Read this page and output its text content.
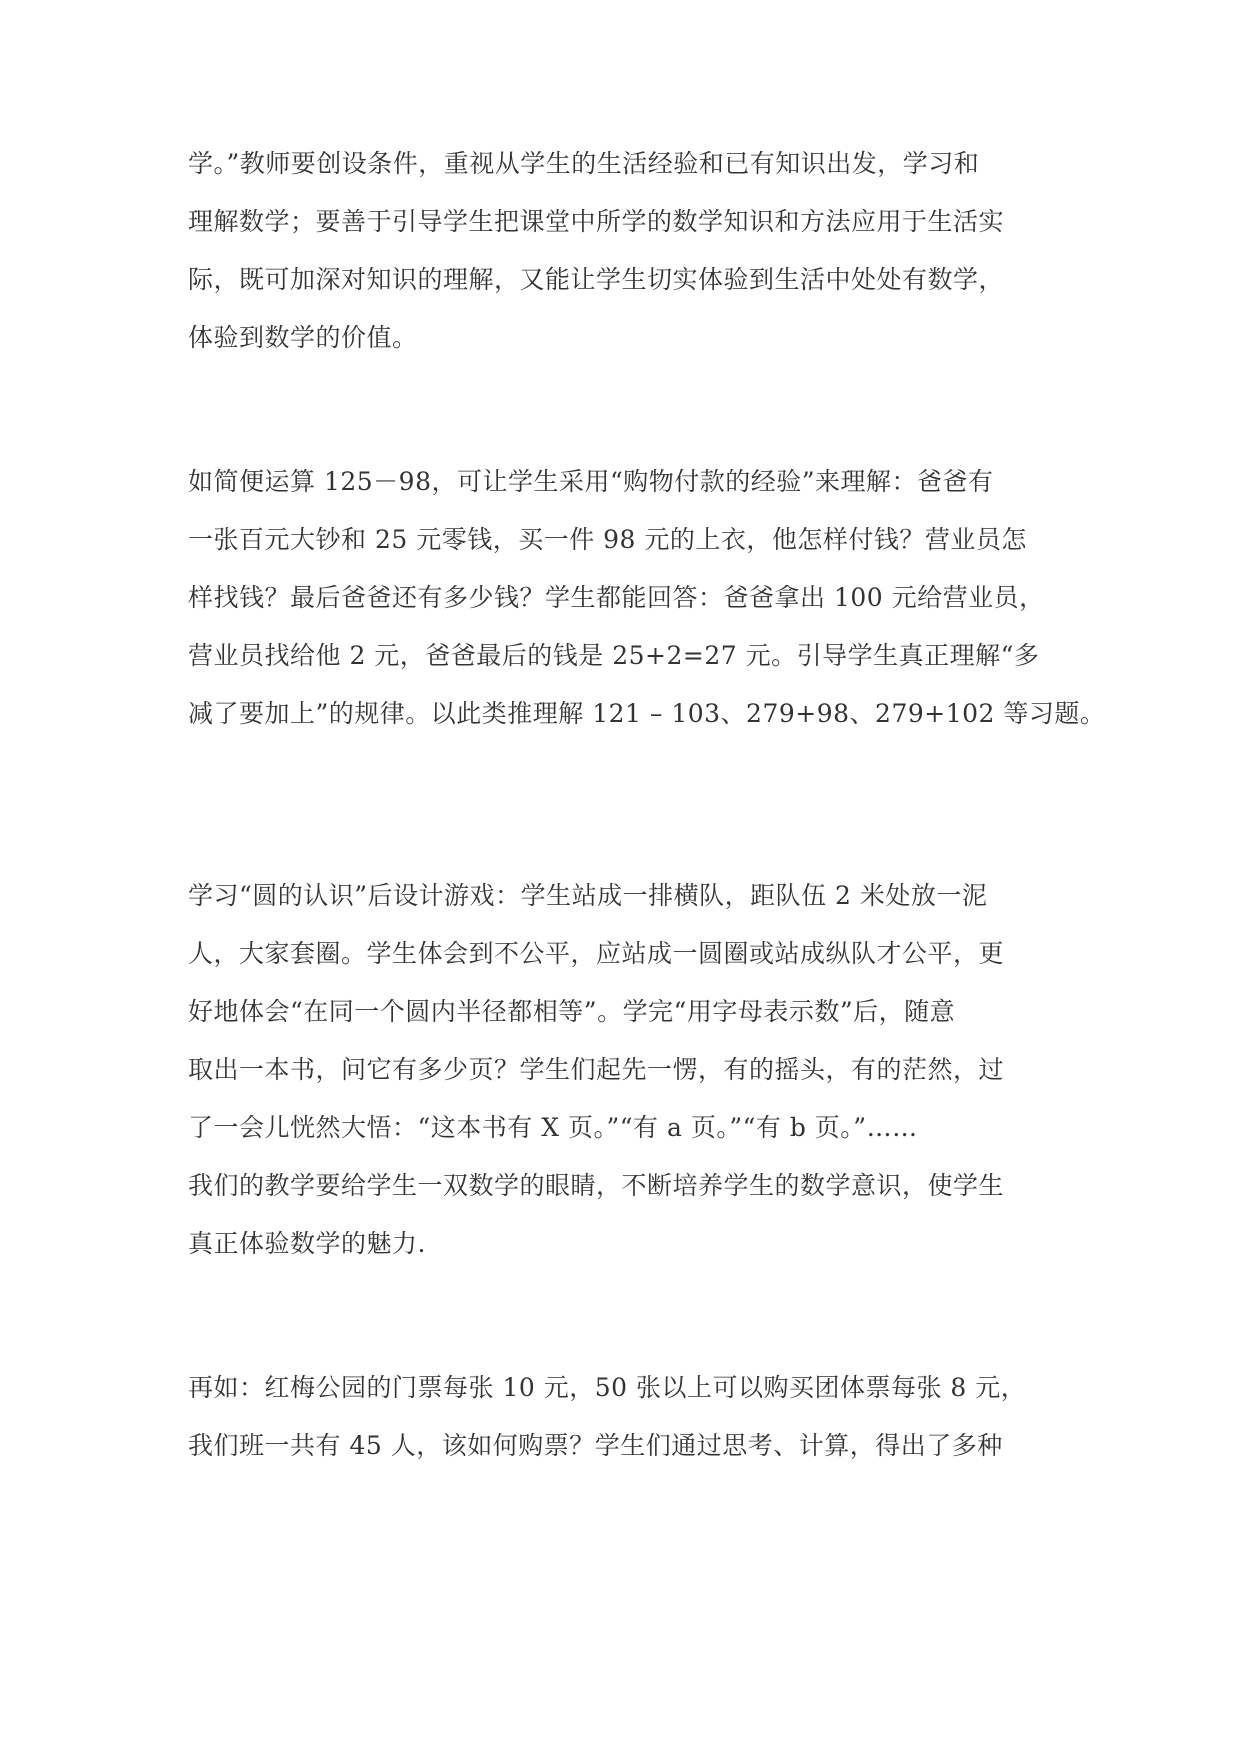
学。”教师要创设条件，重视从学生的生活经验和已有知识出发，学习和
理解数学；要善于引导学生把课堂中所学的数学知识和方法应用于生活实
际，既可加深对知识的理解，又能让学生切实体验到生活中处处有数学，
体验到数学的价值。
如简便运算 125－98，可让学生采用“购物付款的经验”来理解：爸爸有
一张百元大钞和 25 元零钱，买一件 98 元的上衣，他怎样付钱？营业员怎
样找钱？最后爸爸还有多少钱？学生都能回答：爸爸拿出 100 元给营业员，
营业员找给他 2 元，爸爸最后的钱是 25+2=27 元。引导学生真正理解“多
减了要加上”的规律。以此类推理解 121 – 103、279+98、279+102 等习题。
学习“圆的认识”后设计游戏：学生站成一排横队，距队伍 2 米处放一泥
人，大家套圈。学生体会到不公平，应站成一圆圈或站成纵队才公平，更
好地体会“在同一个圆内半径都相等”。学完“用字母表示数”后，随意
取出一本书，问它有多少页？学生们起先一愣，有的摇头，有的茫然，过
了一会儿恍然大悟：“这本书有 X 页。”“有 a 页。”“有 b 页。”……
我们的教学要给学生一双数学的眼睛，不断培养学生的数学意识，使学生
真正体验数学的魅力.
再如：红梅公园的门票每张 10 元，50 张以上可以购买团体票每张 8 元，
我们班一共有 45 人，该如何购票？学生们通过思考、计算，得出了多种
